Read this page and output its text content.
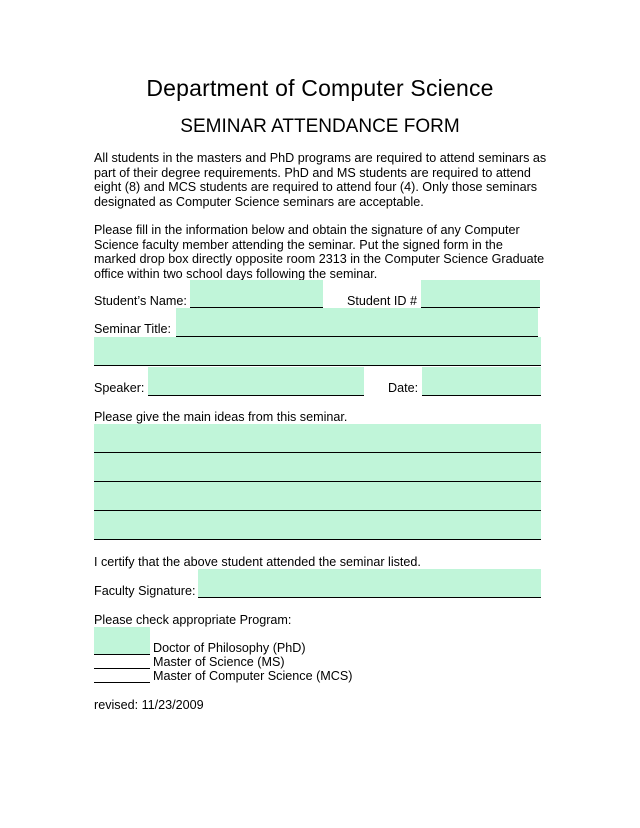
Department of Computer Science
SEMINAR ATTENDANCE FORM

All students in the masters and PhD programs are required to attend seminars as

part of their degree requirements. PhD and MS students are required to attend

eight (8) and MCS students are required to attend four (4). Only those seminars

designated as Computer Science seminars are acceptable.

Please fill in the information below and obtain the signature of any Computer

Science faculty member attending the seminar. Put the signed form in the

marked drop box directly opposite room 2313 in the Computer Science Graduate

office within two school days following the seminar.

Student’s Name:	Student ID #
Seminar Title:
Speaker:	Date:
Please give the main ideas from this seminar.
I certify that the above student attended the seminar listed.
Faculty Signature:
Please check appropriate Program:
Doctor of Philosophy (PhD)
Master of Science (MS)
Master of Computer Science (MCS)
revised: 11/23/2009
